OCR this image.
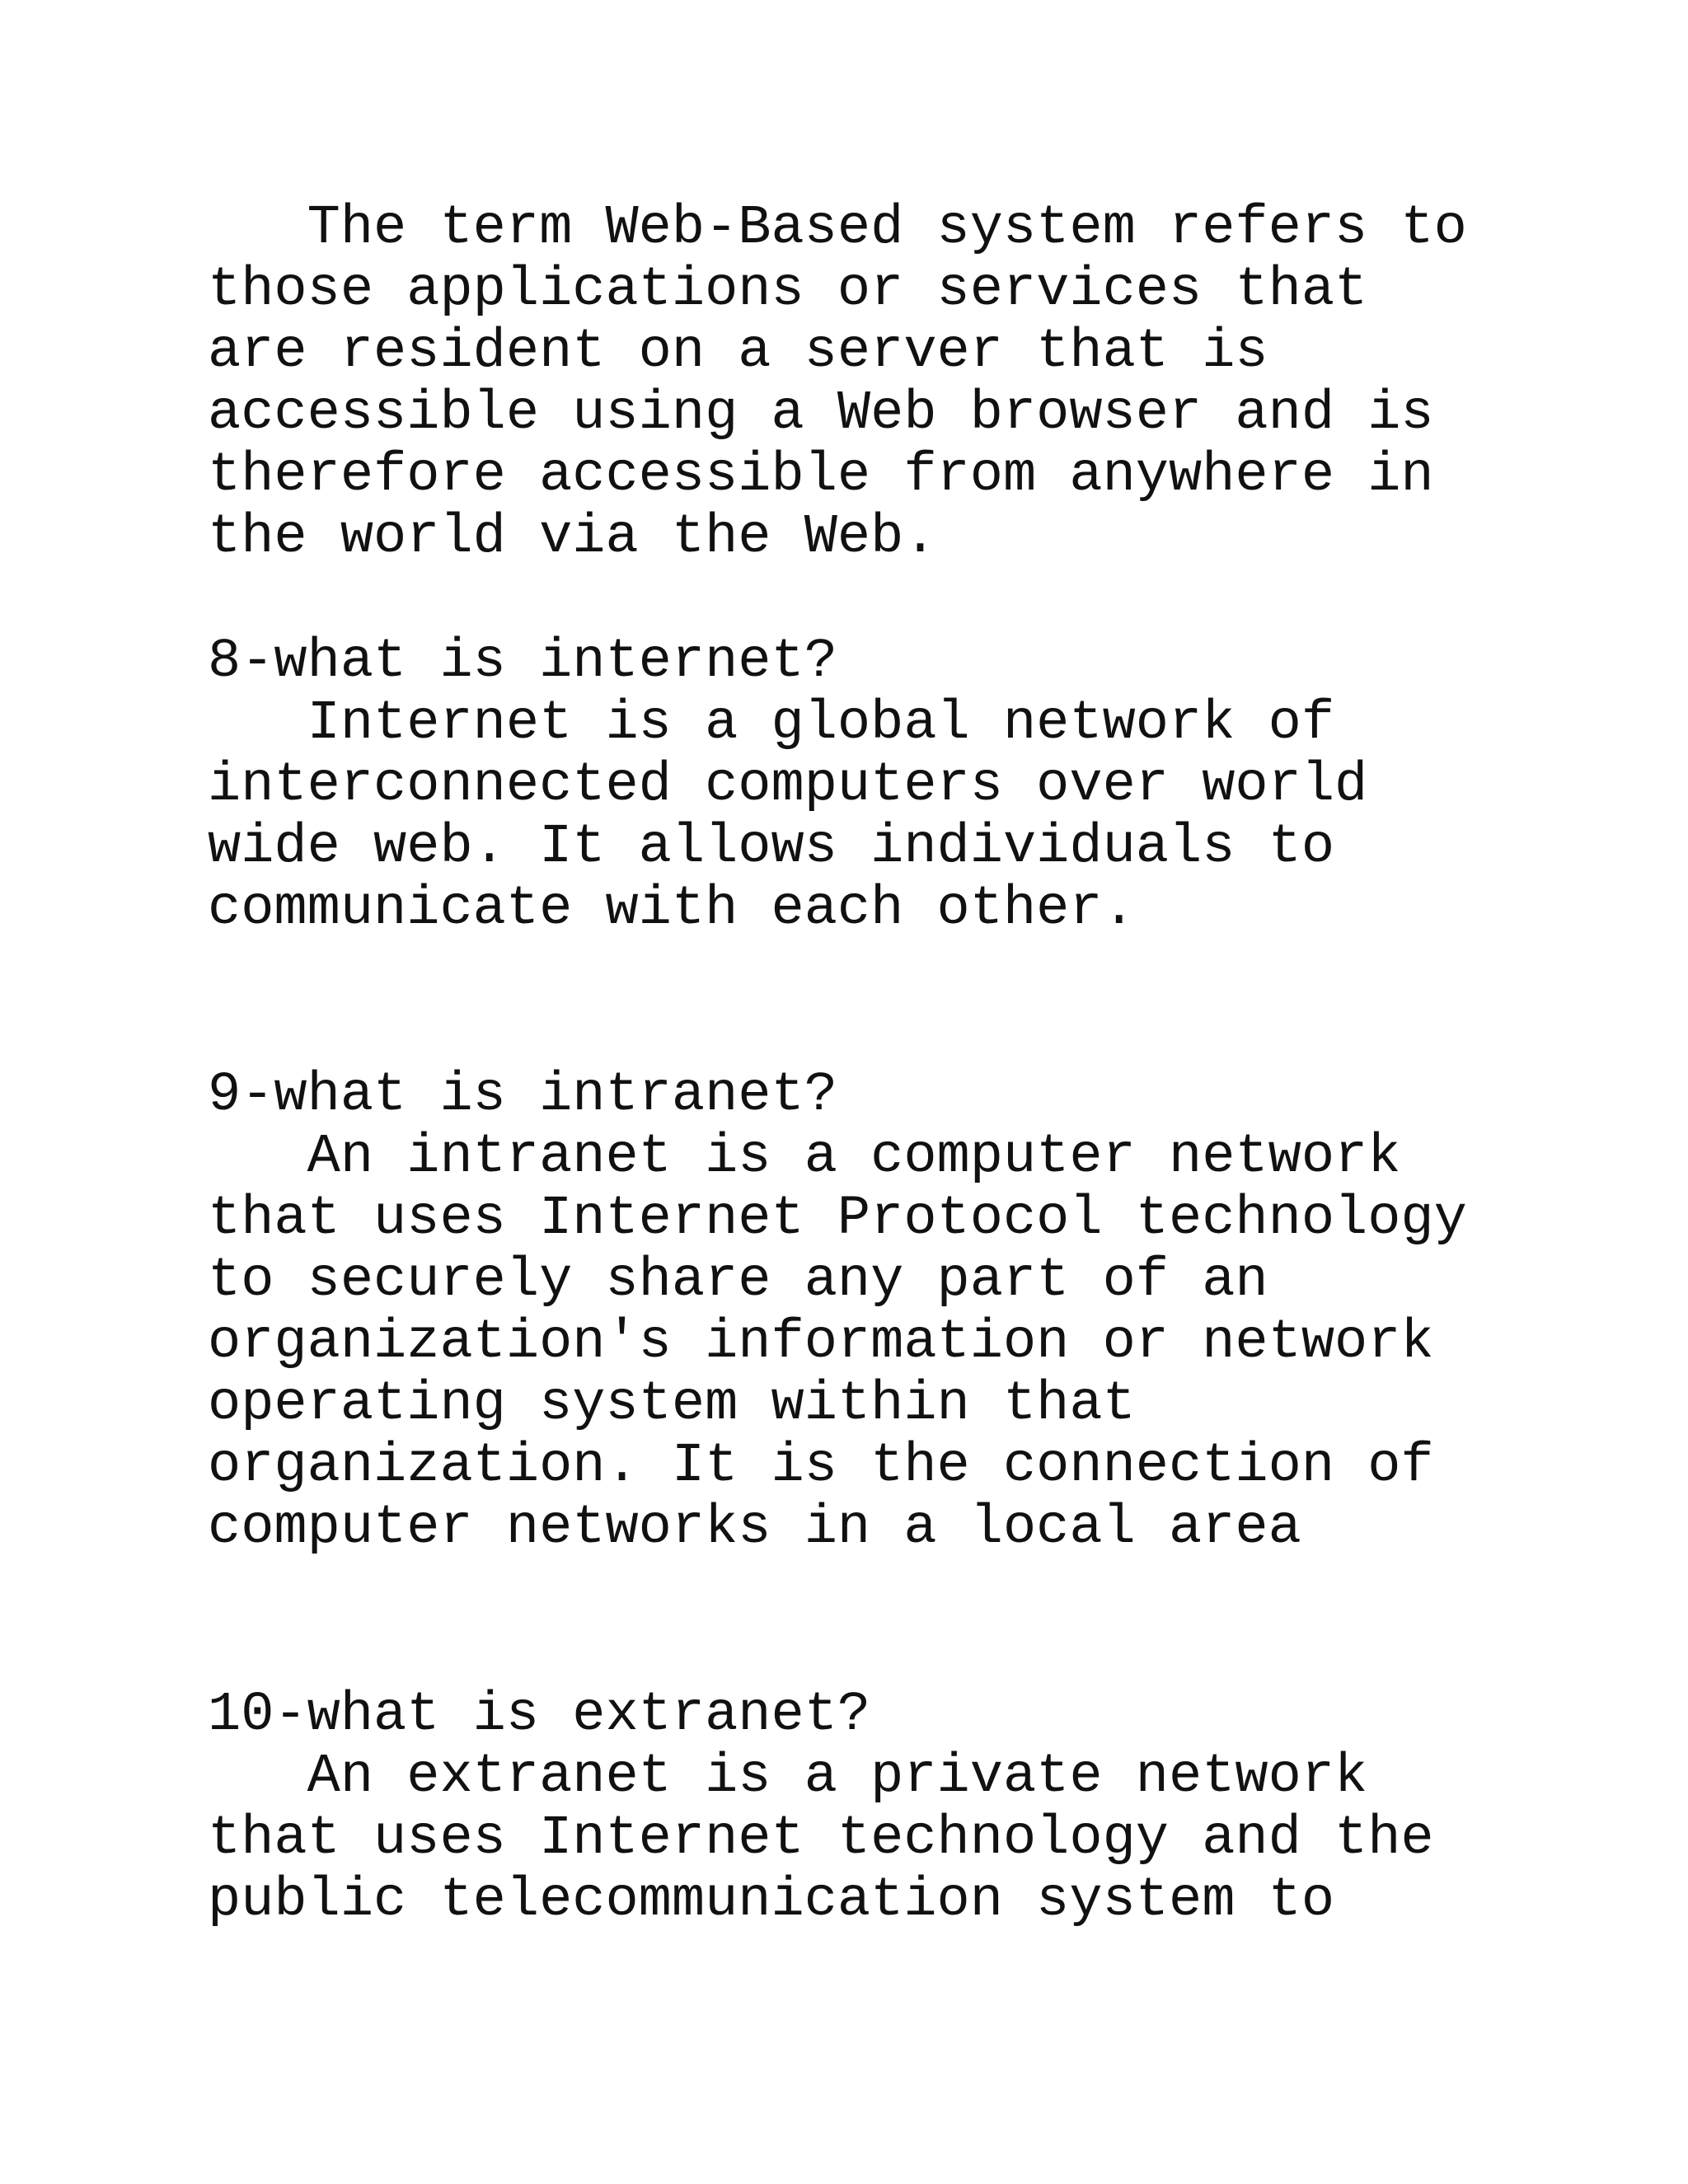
The term Web-Based system refers to
those applications or services that
are resident on a server that is
accessible using a Web browser and is
therefore accessible from anywhere in
the world via the Web.
8-what is internet?
Internet is a global network of
interconnected computers over world
wide web. It allows individuals to
communicate with each other.
9-what is intranet?
An intranet is a computer network
that uses Internet Protocol technology
to securely share any part of an
organization's information or network
operating system within that
organization. It is the connection of
computer networks in a local area
10-what is extranet?
An extranet is a private network
that uses Internet technology and the
public telecommunication system to
